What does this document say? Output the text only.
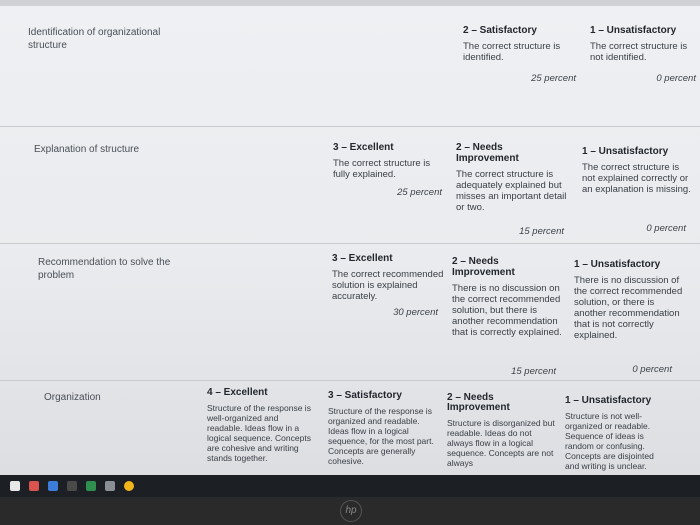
Identification of organizational structure
2 – Satisfactory
The correct structure is identified.
25 percent
1 – Unsatisfactory
The correct structure is not identified.
0 percent
Explanation of structure	3 – Excellent
The correct structure is fully explained.
25 percent
2 – Needs Improvement
The correct structure is adequately explained but misses an important detail or two.
15 percent
1 – Unsatisfactory
The correct structure is not explained correctly or an explanation is missing.
0 percent
Recommendation to solve the problem
3 – Excellent
The correct recommended solution is explained accurately.
30 percent
2 – Needs Improvement
There is no discussion on the correct recommended solution, but there is another recommendation that is correctly explained.
15 percent
1 – Unsatisfactory
There is no discussion of the correct recommended solution, or there is another recommendation that is not correctly explained.
0 percent
Organization	4 – Excellent
Structure of the response is well-organized and readable. Ideas flow in a logical sequence. Concepts are cohesive and writing stands together.
3 – Satisfactory
Structure of the response is organized and readable. Ideas flow in a logical sequence, for the most part. Concepts are generally cohesive.
2 – Needs Improvement
Structure is disorganized but readable. Ideas do not always flow in a logical sequence. Concepts are not always
1 – Unsatisfactory
Structure is not well-organized or readable. Sequence of ideas is random or confusing. Concepts are disjointed and writing is unclear.
hp
